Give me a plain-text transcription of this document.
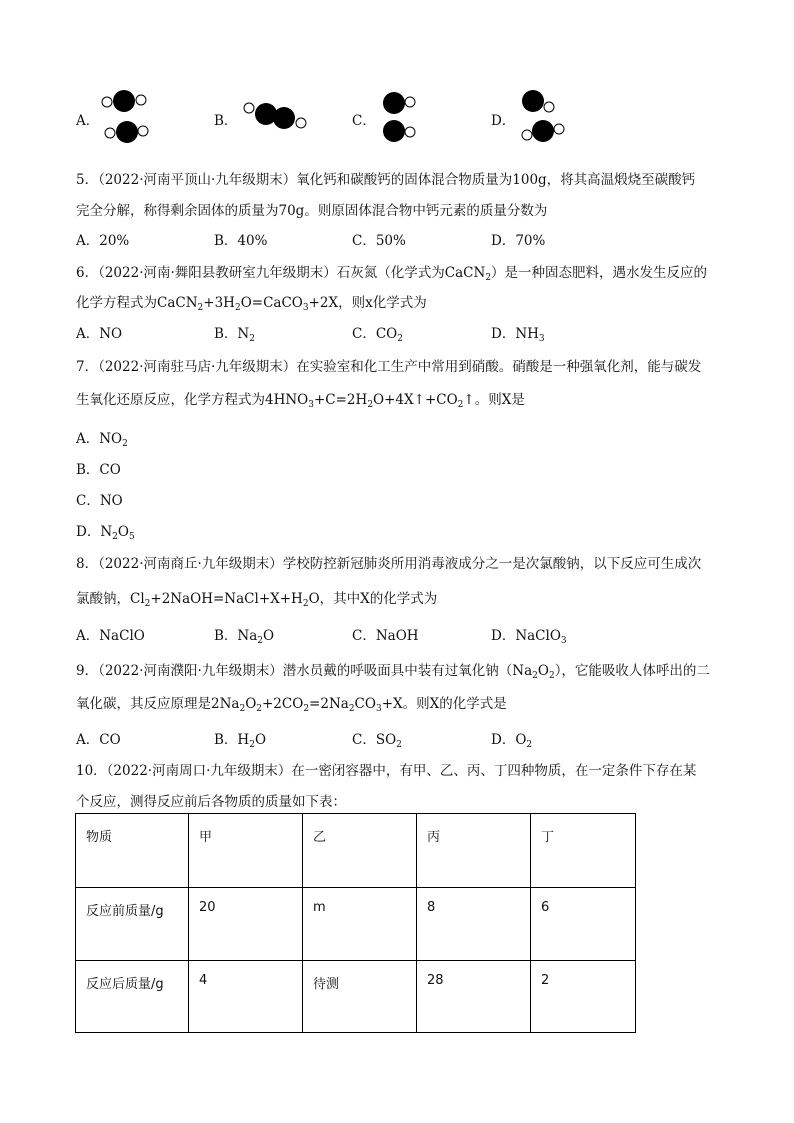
A．	B．	C．	D．
5．（2022·河南平顶山·九年级期末）氧化钙和碳酸钙的固体混合物质量为100g，将其高温煅烧至碳酸钙
完全分解，称得剩余固体的质量为70g。则原固体混合物中钙元素的质量分数为
A．20%	B．40%	C．50%	D．70%
6．（2022·河南·舞阳县教研室九年级期末）石灰氮（化学式为CaCN$_2$）是一种固态肥料，遇水发生反应的
化学方程式为$CaCN_2+3H_2O=CaCO_3+2X$，则x化学式为
A．NO	B．$N_2$	C．$CO_2$	D．$NH_3$
7．（2022·河南驻马店·九年级期末）在实验室和化工生产中常用到硝酸。硝酸是一种强氧化剂，能与碳发
生氧化还原反应，化学方程式为$4HNO_3+C=2H_2O+4X↑+CO_2↑$。则X是
A．$NO_2$
B．CO
C．NO
D．$N_2O_5$
8．（2022·河南商丘·九年级期末）学校防控新冠肺炎所用消毒液成分之一是次氯酸钠，以下反应可生成次
氯酸钠，$Cl_2+2NaOH=NaCl+X+H_2O$，其中X的化学式为
A．NaClO	B．$Na_2O$	C．NaOH	D．NaClO$_3$
9．（2022·河南濮阳·九年级期末）潜水员戴的呼吸面具中装有过氧化钠$(Na_2O_2)$，它能吸收人体呼出的二
氧化碳，其反应原理是$2Na_2O_2+2CO_2=2Na_2CO_3+X$。则X的化学式是
A．CO	B．$H_2O$	C．$SO_2$	D．$O_2$
10．（2022·河南周口·九年级期末）在一密闭容器中，有甲、乙、丙、丁四种物质，在一定条件下存在某
个反应，测得反应前后各物质的质量如下表：
物质	甲	乙	丙	丁
反应前质量/g	20	m	8	6
反应后质量/g	4	待测	28	2
